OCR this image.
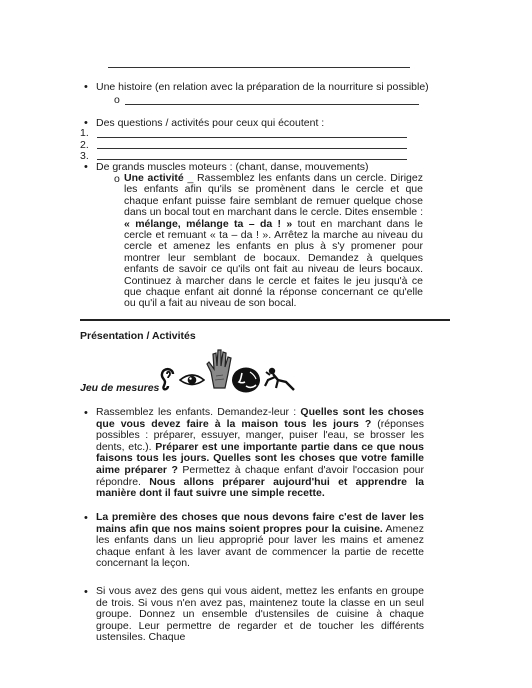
• Une histoire (en relation avec la préparation de la nourriture si possible)
o
• Des questions / activités pour ceux qui écoutent :
1.
2.
3.
• De grands muscles moteurs : (chant, danse, mouvements)
o Une activité _ Rassemblez les enfants dans un cercle. Dirigez les enfants afin qu'ils se promènent dans le cercle et que chaque enfant puisse faire semblant de remuer quelque chose dans un bocal tout en marchant dans le cercle. Dites ensemble : « mélange, mélange ta – da ! » tout en marchant dans le cercle et remuant « ta – da ! ». Arrêtez la marche au niveau du cercle et amenez les enfants en plus à s'y promener pour montrer leur semblant de bocaux. Demandez à quelques enfants de savoir ce qu'ils ont fait au niveau de leurs bocaux. Continuez à marcher dans le cercle et faites le jeu jusqu'à ce que chaque enfant ait donné la réponse concernant ce qu'elle ou qu'il a fait au niveau de son bocal.
Présentation / Activités
Jeu de mesures
• Rassemblez les enfants. Demandez-leur : Quelles sont les choses que vous devez faire à la maison tous les jours ? (réponses possibles : préparer, essuyer, manger, puiser l'eau, se brosser les dents, etc.). Préparer est une importante partie dans ce que nous faisons tous les jours. Quelles sont les choses que votre famille aime préparer ? Permettez à chaque enfant d'avoir l'occasion pour répondre. Nous allons préparer aujourd'hui et apprendre la manière dont il faut suivre une simple recette.
• La première des choses que nous devons faire c'est de laver les mains afin que nos mains soient propres pour la cuisine. Amenez les enfants dans un lieu approprié pour laver les mains et amenez chaque enfant à les laver avant de commencer la partie de recette concernant la leçon.
• Si vous avez des gens qui vous aident, mettez les enfants en groupe de trois. Si vous n'en avez pas, maintenez toute la classe en un seul groupe. Donnez un ensemble d'ustensiles de cuisine à chaque groupe. Leur permettre de regarder et de toucher les différents ustensiles. Chaque
